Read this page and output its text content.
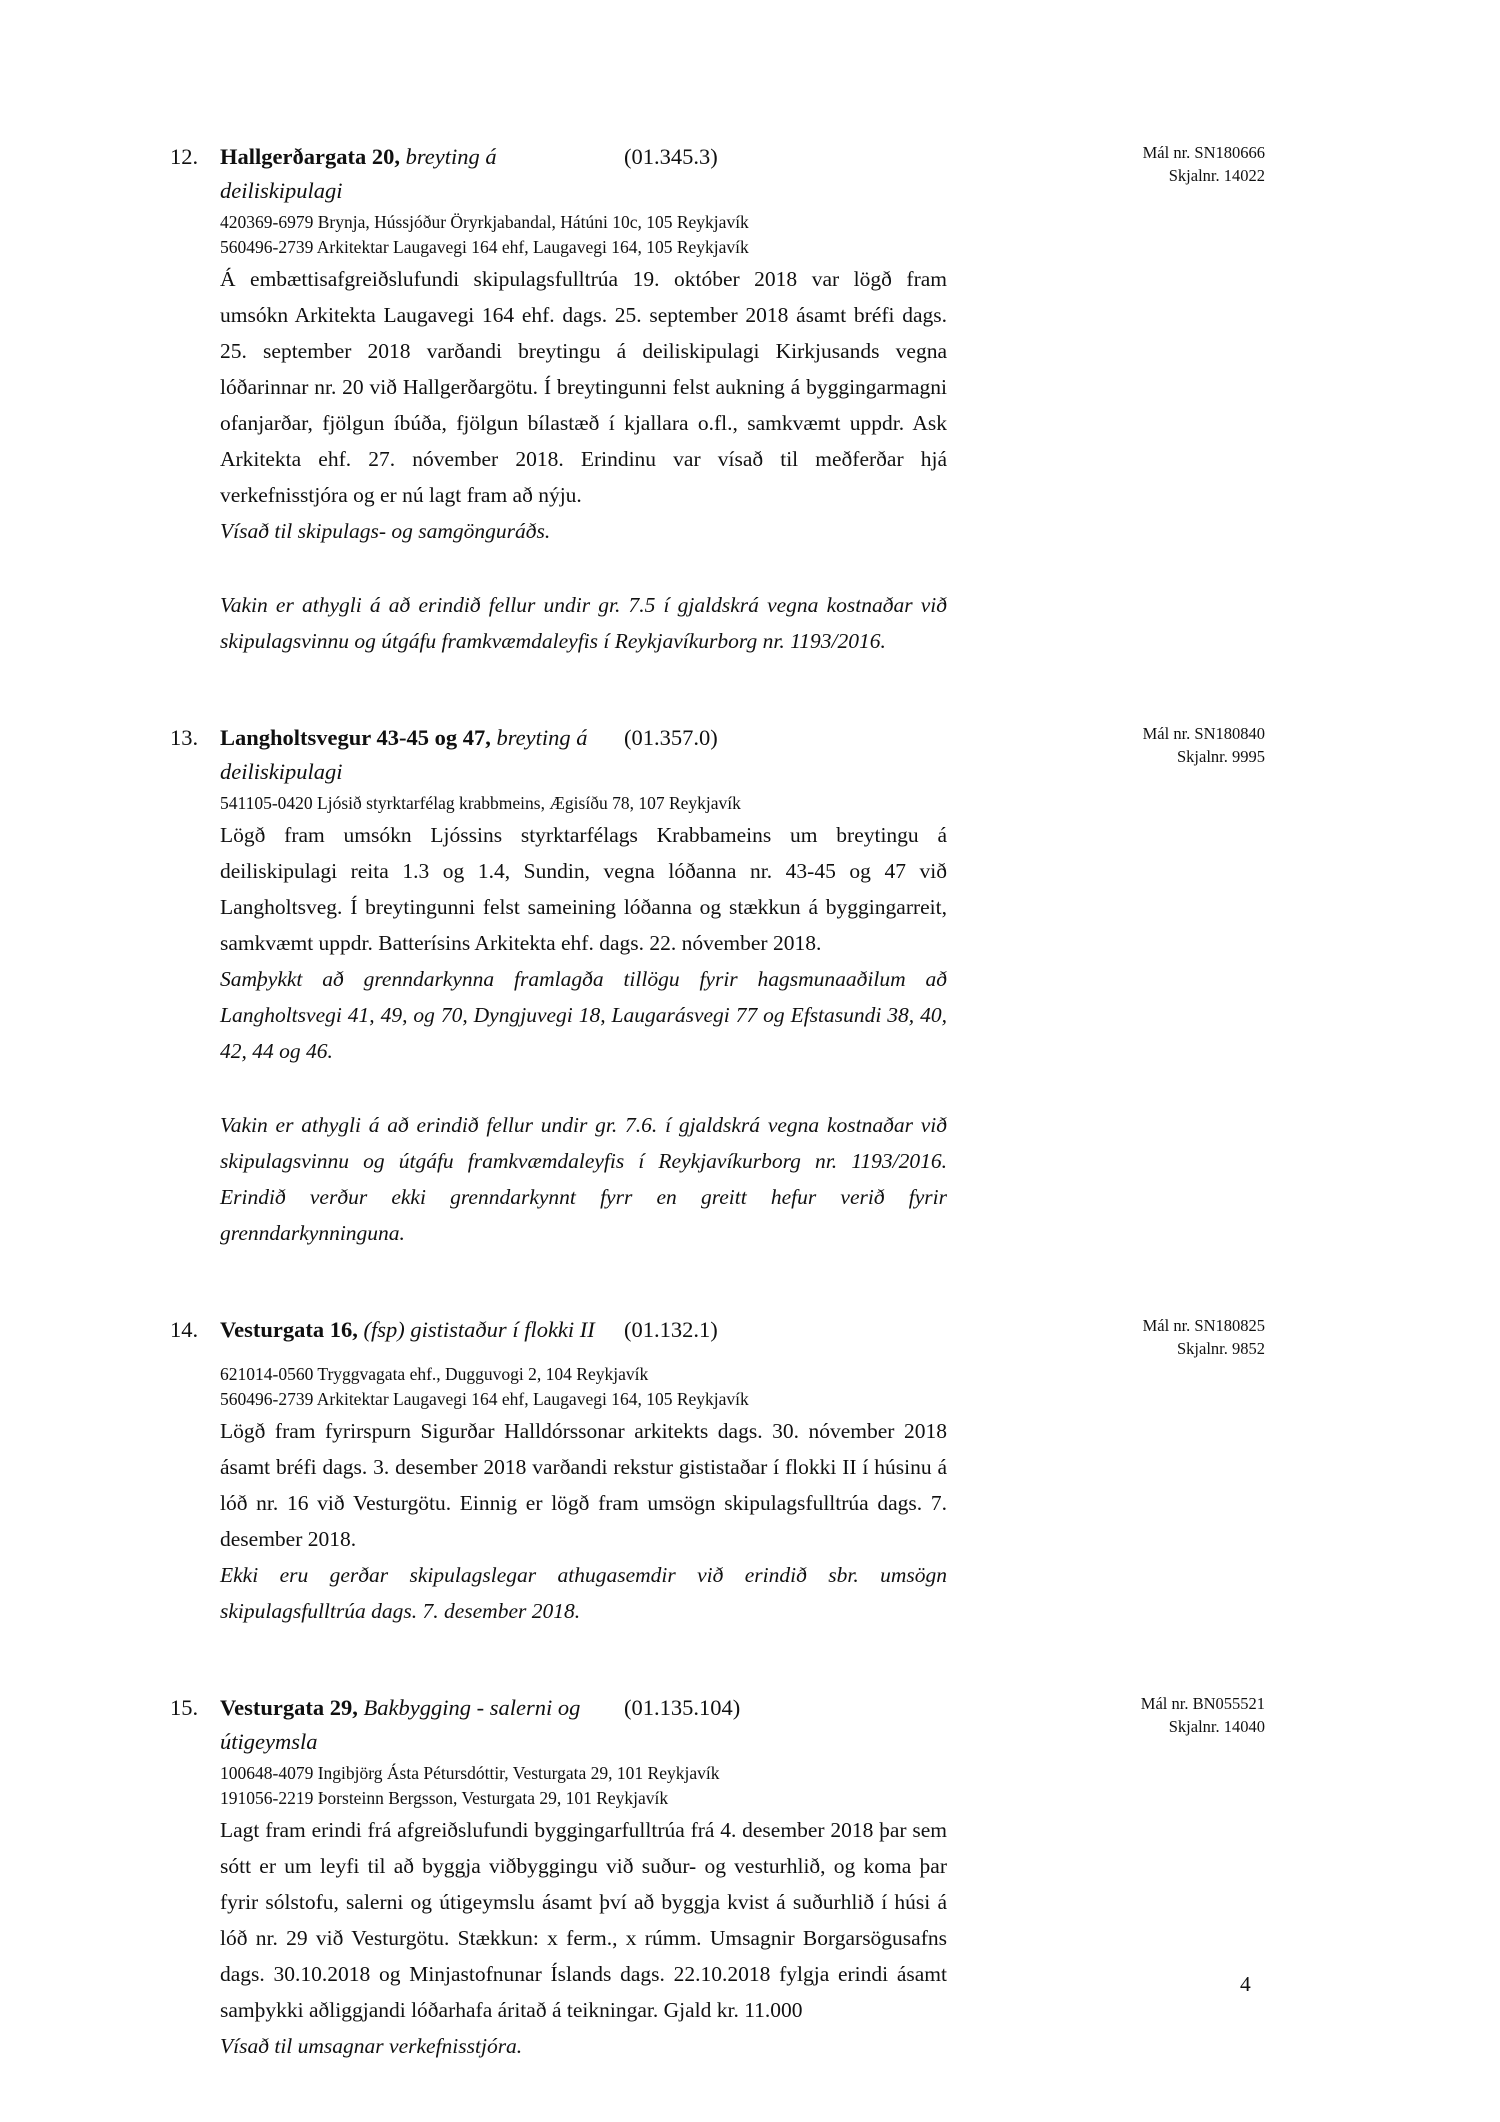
12. Hallgerðargata 20, breyting á deiliskipulagi
(01.345.3)	Mál nr. SN180666
Skjalnr. 14022
420369-6979 Brynja, Hússjóður Öryrkjabandal, Hátúni 10c, 105 Reykjavík
560496-2739 Arkitektar Laugavegi 164 ehf, Laugavegi 164, 105 Reykjavík

Á embættisafgreiðslufundi skipulagsfulltrúa 19. október 2018 var lögð fram umsókn Arkitekta Laugavegi 164 ehf. dags. 25. september 2018 ásamt bréfi dags. 25. september 2018 varðandi breytingu á deiliskipulagi Kirkjusands vegna lóðarinnar nr. 20 við Hallgerðargötu. Í breytingunni felst aukning á byggingarmagni ofanjarðar, fjölgun íbúða, fjölgun bílastæð í kjallara o.fl., samkvæmt uppdr. Ask Arkitekta ehf. 27. nóvember 2018. Erindinu var vísað til meðferðar hjá verkefnisstjóra og er nú lagt fram að nýju.

Vísað til skipulags- og samgönguráðs.

Vakin er athygli á að erindið fellur undir gr. 7.5 í gjaldskrá vegna kostnaðar við skipulagsvinnu og útgáfu framkvæmdaleyfis í Reykjavíkurborg nr. 1193/2016.

13. Langholtsvegur 43-45 og 47, breyting á deiliskipulagi
(01.357.0)	Mál nr. SN180840
Skjalnr. 9995
541105-0420 Ljósið styrktarfélag krabbmeins, Ægisíðu 78, 107 Reykjavík

Lögð fram umsókn Ljóssins styrktarfélags Krabbameins um breytingu á deiliskipulagi reita 1.3 og 1.4, Sundin, vegna lóðanna nr. 43-45 og 47 við Langholtsveg. Í breytingunni felst sameining lóðanna og stækkun á byggingarreit, samkvæmt uppdr. Batterísins Arkitekta ehf. dags. 22. nóvember 2018.

Samþykkt að grenndarkynna framlagða tillögu fyrir hagsmunaaðilum að Langholtsvegi 41, 49, og 70, Dyngjuvegi 18, Laugarásvegi 77 og Efstasundi 38, 40, 42, 44 og 46.

Vakin er athygli á að erindið fellur undir gr. 7.6. í gjaldskrá vegna kostnaðar við skipulagsvinnu og útgáfu framkvæmdaleyfis í Reykjavíkurborg nr. 1193/2016. Erindið verður ekki grenndarkynnt fyrr en greitt hefur verið fyrir grenndarkynninguna.

14. Vesturgata 16, (fsp) gististaður í flokki II	(01.132.1)	Mál nr. SN180825
Skjalnr. 9852
621014-0560 Tryggvagata ehf., Dugguvogi 2, 104 Reykjavík
560496-2739 Arkitektar Laugavegi 164 ehf, Laugavegi 164, 105 Reykjavík

Lögð fram fyrirspurn Sigurðar Halldórssonar arkitekts dags. 30. nóvember 2018 ásamt bréfi dags. 3. desember 2018 varðandi rekstur gististaðar í flokki II í húsinu á lóð nr. 16 við Vesturgötu. Einnig er lögð fram umsögn skipulagsfulltrúa dags. 7. desember 2018.

Ekki eru gerðar skipulagslegar athugasemdir við erindið sbr. umsögn skipulagsfulltrúa dags. 7. desember 2018.

15. Vesturgata 29, Bakbygging - salerni og útigeymsla
(01.135.104)	Mál nr. BN055521
Skjalnr. 14040
100648-4079 Ingibjörg Ásta Pétursdóttir, Vesturgata 29, 101 Reykjavík
191056-2219 Þorsteinn Bergsson, Vesturgata 29, 101 Reykjavík

Lagt fram erindi frá afgreiðslufundi byggingarfulltrúa frá 4. desember 2018 þar sem sótt er um leyfi til að byggja viðbyggingu við suður- og vesturhlið, og koma þar fyrir sólstofu, salerni og útigeymslu ásamt því að byggja kvist á suðurhlið í húsi á lóð nr. 29 við Vesturgötu. Stækkun: x ferm., x rúmm. Umsagnir Borgarsögusafns dags. 30.10.2018 og Minjastofnunar Íslands dags. 22.10.2018 fylgja erindi ásamt samþykki aðliggjandi lóðarhafa áritað á teikningar. Gjald kr. 11.000

Vísað til umsagnar verkefnisstjóra.

4
